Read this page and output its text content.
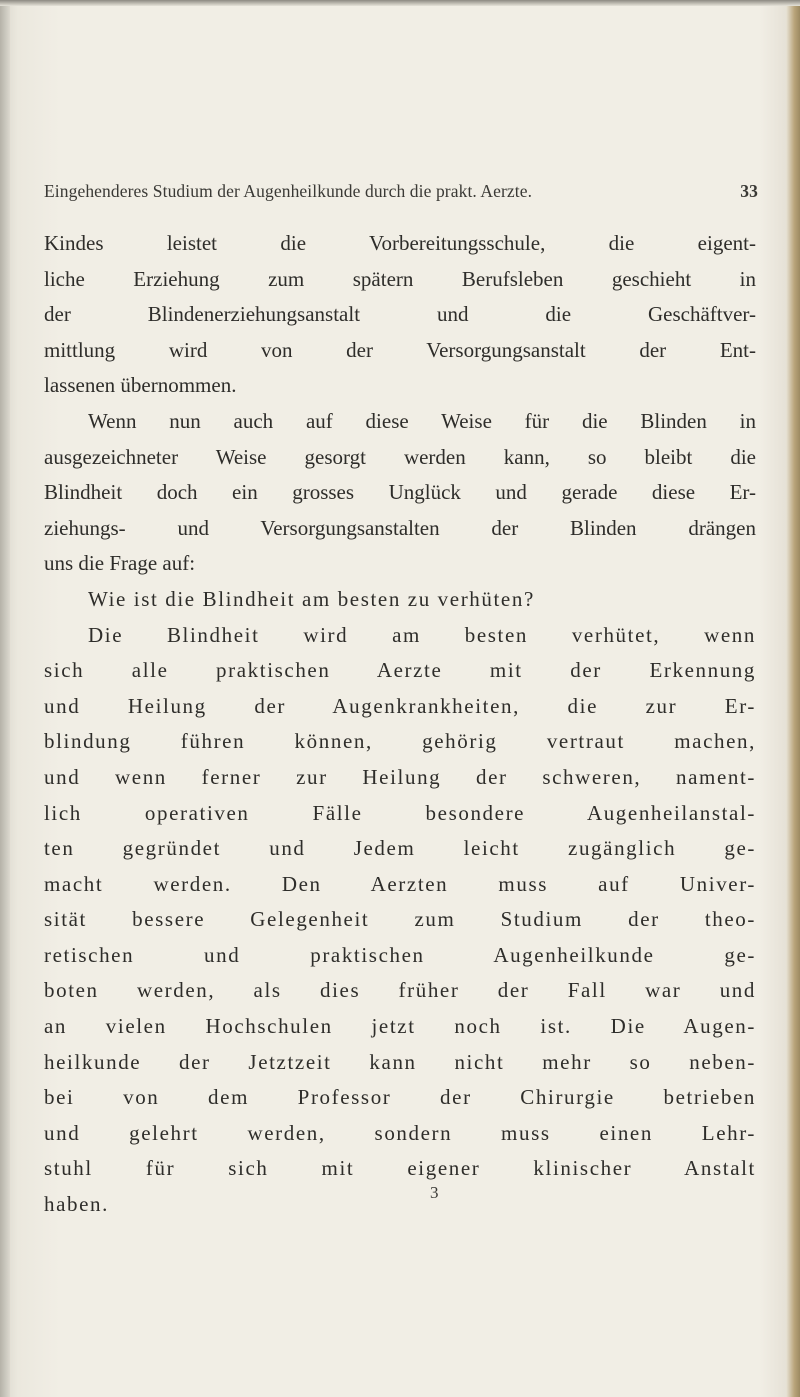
Eingehenderes Studium der Augenheilkunde durch die prakt. Aerzte.	33
Kindes leistet die Vorbereitungsschule, die eigent-
liche Erziehung zum spätern Berufsleben geschieht in
der Blindenerziehungsanstalt und die Geschäftver-
mittlung wird von der Versorgungsanstalt der Ent-
lassenen übernommen.
Wenn nun auch auf diese Weise für die Blinden in
ausgezeichneter Weise gesorgt werden kann, so bleibt die
Blindheit doch ein grosses Unglück und gerade diese Er-
ziehungs- und Versorgungsanstalten der Blinden drängen
uns die Frage auf:
Wie ist die Blindheit am besten zu verhüten?
Die Blindheit wird am besten verhütet, wenn
sich alle praktischen Aerzte mit der Erkennung
und Heilung der Augenkrankheiten, die zur Er-
blindung führen können, gehörig vertraut machen,
und wenn ferner zur Heilung der schweren, nament-
lich operativen Fälle besondere Augenheilanstal-
ten gegründet und Jedem leicht zugänglich ge-
macht werden. Den Aerzten muss auf Univer-
sität bessere Gelegenheit zum Studium der theo-
retischen und praktischen Augenheilkunde ge-
boten werden, als dies früher der Fall war und
an vielen Hochschulen jetzt noch ist. Die Augen-
heilkunde der Jetztzeit kann nicht mehr so neben-
bei von dem Professor der Chirurgie betrieben
und gelehrt werden, sondern muss einen Lehr-
stuhl für sich mit eigener klinischer Anstalt
haben.	3
